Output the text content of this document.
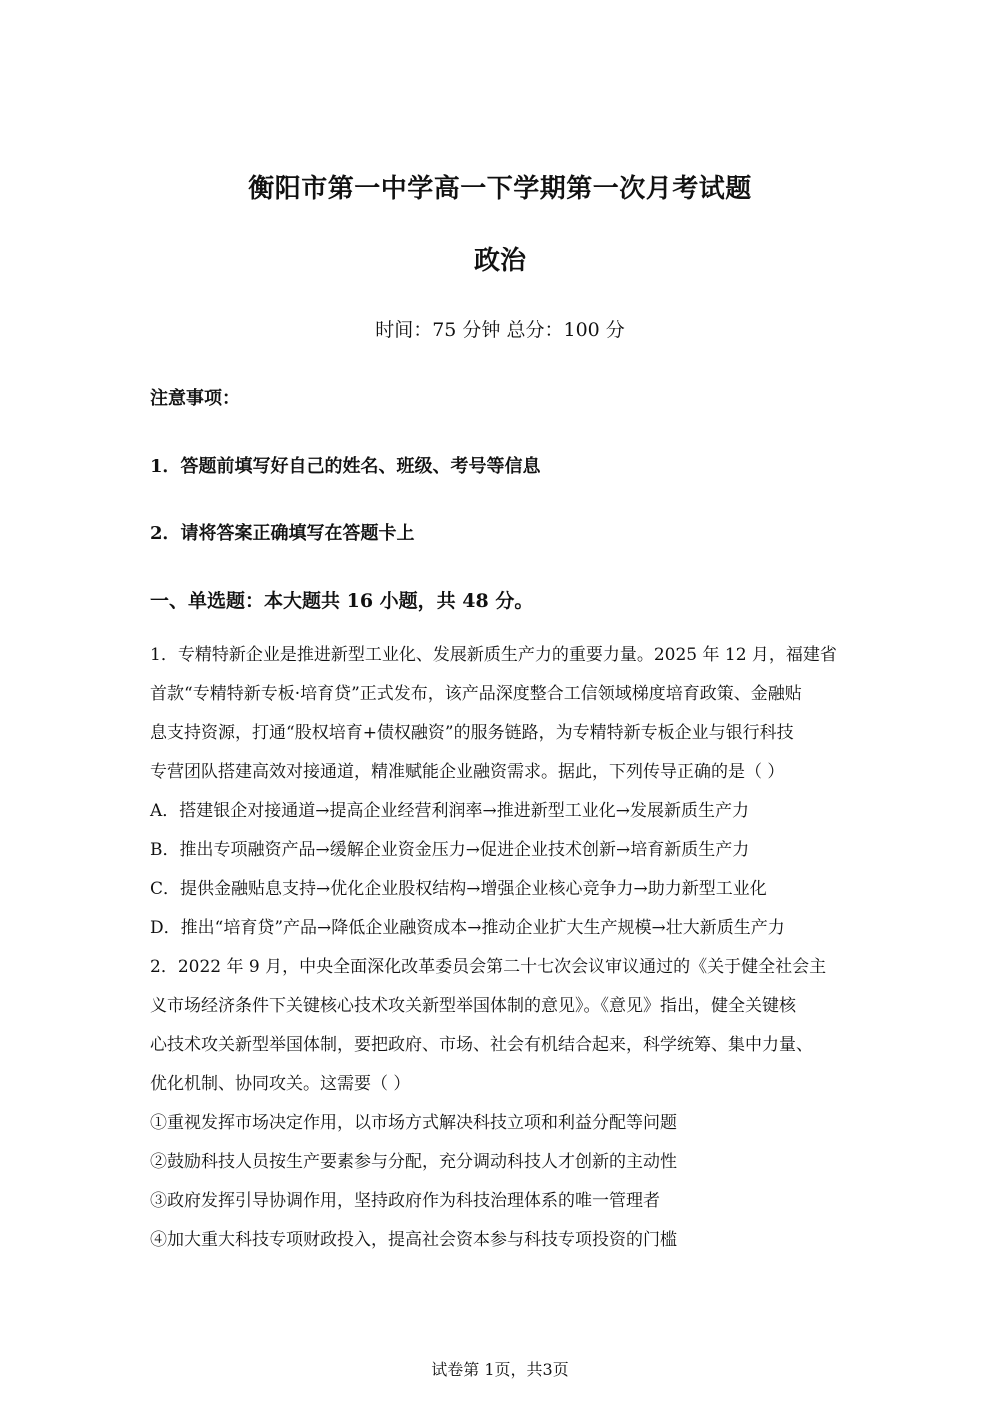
衡阳市第一中学高一下学期第一次月考试题
政治
时间：75 分钟 总分：100 分
注意事项：
1．答题前填写好自己的姓名、班级、考号等信息
2．请将答案正确填写在答题卡上
一、单选题：本大题共 16 小题，共 48 分。
1．专精特新企业是推进新型工业化、发展新质生产力的重要力量。2025 年 12 月，福建省
首款“专精特新专板·培育贷”正式发布，该产品深度整合工信领域梯度培育政策、金融贴
息支持资源，打通“股权培育+债权融资”的服务链路，为专精特新专板企业与银行科技
专营团队搭建高效对接通道，精准赋能企业融资需求。据此，下列传导正确的是（ ）
A．搭建银企对接通道→提高企业经营利润率→推进新型工业化→发展新质生产力
B．推出专项融资产品→缓解企业资金压力→促进企业技术创新→培育新质生产力
C．提供金融贴息支持→优化企业股权结构→增强企业核心竞争力→助力新型工业化
D．推出“培育贷”产品→降低企业融资成本→推动企业扩大生产规模→壮大新质生产力
2．2022 年 9 月，中央全面深化改革委员会第二十七次会议审议通过的《关于健全社会主
义市场经济条件下关键核心技术攻关新型举国体制的意见》。《意见》指出，健全关键核
心技术攻关新型举国体制，要把政府、市场、社会有机结合起来，科学统筹、集中力量、
优化机制、协同攻关。这需要（ ）
①重视发挥市场决定作用，以市场方式解决科技立项和利益分配等问题
②鼓励科技人员按生产要素参与分配，充分调动科技人才创新的主动性
③政府发挥引导协调作用，坚持政府作为科技治理体系的唯一管理者
④加大重大科技专项财政投入，提高社会资本参与科技专项投资的门槛
试卷第 1页，共3页
